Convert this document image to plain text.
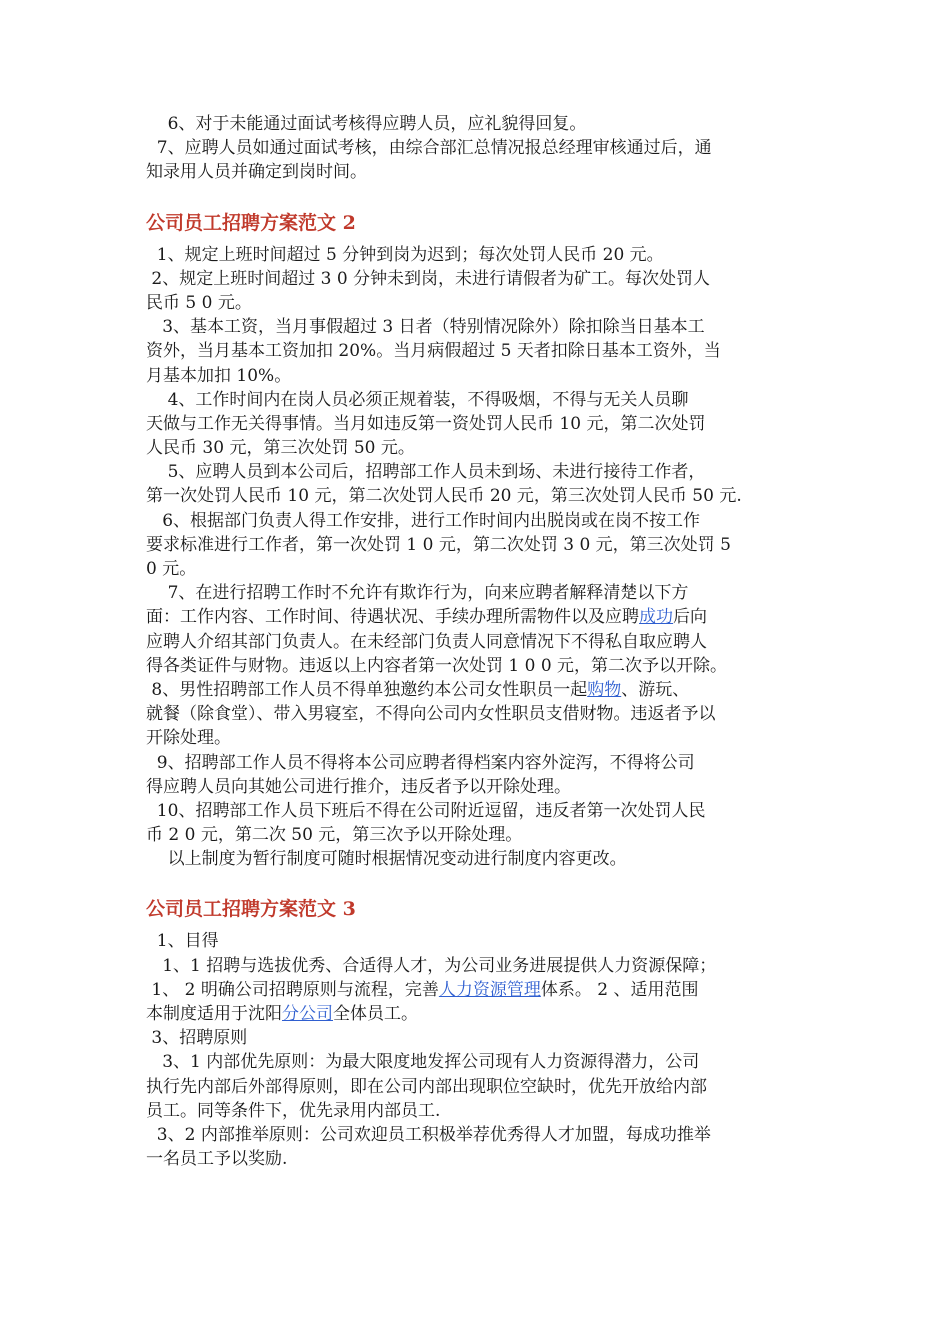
6、对于未能通过面试考核得应聘人员，应礼貌得回复。
7、应聘人员如通过面试考核，由综合部汇总情况报总经理审核通过后，通
知录用人员并确定到岗时间。
公司员工招聘方案范文 2
1、规定上班时间超过 5 分钟到岗为迟到；每次处罚人民币 20 元。
2、规定上班时间超过 3 0 分钟未到岗，未进行请假者为矿工。每次处罚人
民币 5 0 元。
3、基本工资，当月事假超过 3 日者（特别情况除外）除扣除当日基本工
资外，当月基本工资加扣 20%。当月病假超过 5 天者扣除日基本工资外，当
月基本加扣 10%。
4、工作时间内在岗人员必须正规着装，不得吸烟，不得与无关人员聊
天做与工作无关得事情。当月如违反第一资处罚人民币 10 元，第二次处罚
人民币 30 元，第三次处罚 50 元。
5、应聘人员到本公司后，招聘部工作人员未到场、未进行接待工作者，
第一次处罚人民币 10 元，第二次处罚人民币 20 元，第三次处罚人民币 50 元.
6、根据部门负责人得工作安排，进行工作时间内出脱岗或在岗不按工作
要求标准进行工作者，第一次处罚 1 0 元，第二次处罚 3 0 元，第三次处罚 5
0 元。
7、在进行招聘工作时不允许有欺诈行为，向来应聘者解释清楚以下方
面：工作内容、工作时间、待遇状况、手续办理所需物件以及应聘成功后向
应聘人介绍其部门负责人。在未经部门负责人同意情况下不得私自取应聘人
得各类证件与财物。违返以上内容者第一次处罚 1 0 0 元，第二次予以开除。
8、男性招聘部工作人员不得单独邀约本公司女性职员一起购物、游玩、
就餐（除食堂）、带入男寝室，不得向公司内女性职员支借财物。违返者予以
开除处理。
9、招聘部工作人员不得将本公司应聘者得档案内容外淀泻，不得将公司
得应聘人员向其她公司进行推介，违反者予以开除处理。
10、招聘部工作人员下班后不得在公司附近逗留，违反者第一次处罚人民
币 2 0 元，第二次 50 元，第三次予以开除处理。
以上制度为暂行制度可随时根据情况变动进行制度内容更改。
公司员工招聘方案范文 3
1、目得
1、1 招聘与选拔优秀、合适得人才，为公司业务进展提供人力资源保障；
1、 2 明确公司招聘原则与流程，完善人力资源管理体系。 2 、适用范围
本制度适用于沈阳分公司全体员工。
3、招聘原则
3、1 内部优先原则：为最大限度地发挥公司现有人力资源得潜力，公司
执行先内部后外部得原则，即在公司内部出现职位空缺时，优先开放给内部
员工。同等条件下，优先录用内部员工.
3、2 内部推举原则：公司欢迎员工积极举荐优秀得人才加盟，每成功推举
一名员工予以奖励.
